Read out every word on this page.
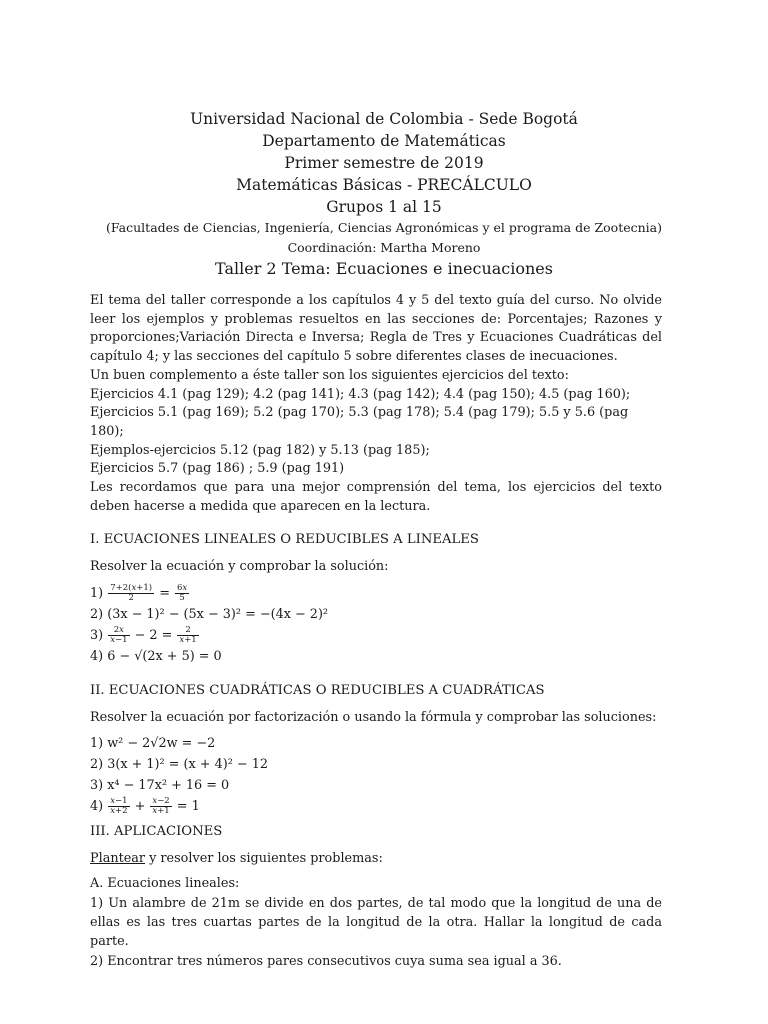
Universidad Nacional de Colombia - Sede Bogotá
Departamento de Matemáticas
Primer semestre de 2019
Matemáticas Básicas - PRECÁLCULO
Grupos 1 al 15
(Facultades de Ciencias, Ingeniería, Ciencias Agronómicas y el programa de Zootecnia)
Coordinación: Martha Moreno
Taller 2 Tema: Ecuaciones e inecuaciones

El tema del taller corresponde a los capítulos 4 y 5 del texto guía del curso. No olvide leer los ejemplos y problemas resueltos en las secciones de: Porcentajes; Razones y proporciones;Variación Directa e Inversa; Regla de Tres y Ecuaciones Cuadráticas del capítulo 4; y las secciones del capítulo 5 sobre diferentes clases de inecuaciones.

Un buen complemento a éste taller son los siguientes ejercicios del texto:

Ejercicios 4.1 (pag 129); 4.2 (pag 141); 4.3 (pag 142); 4.4 (pag 150); 4.5 (pag 160);

Ejercicios 5.1 (pag 169); 5.2 (pag 170); 5.3 (pag 178); 5.4 (pag 179); 5.5 y 5.6 (pag 180);

Ejemplos-ejercicios 5.12 (pag 182) y 5.13 (pag 185);

Ejercicios 5.7 (pag 186) ; 5.9 (pag 191)

Les recordamos que para una mejor comprensión del tema, los ejercicios del texto deben hacerse a medida que aparecen en la lectura.

I. ECUACIONES LINEALES O REDUCIBLES A LINEALES

Resolver la ecuación y comprobar la solución:

$1) \frac{7+2(x+1)}{2} = \frac{6x}{5}$
2) (3x − 1)² − (5x − 3)² = −(4x − 2)²
$3) \frac{2x}{x-1} - 2 = \frac{2}{x+1}$
4) 6 − √(2x + 5) = 0

II. ECUACIONES CUADRÁTICAS O REDUCIBLES A CUADRÁTICAS

Resolver la ecuación por factorización o usando la fórmula y comprobar las soluciones:

1) w² − 2√2w = −2
2) 3(x + 1)² = (x + 4)² − 12
3) x⁴ − 17x² + 16 = 0
$4) \frac{x-1}{x+2} + \frac{x-2}{x+1} = 1$

III. APLICACIONES

Plantear y resolver los siguientes problemas:

A. Ecuaciones lineales:

1) Un alambre de 21m se divide en dos partes, de tal modo que la longitud de una de ellas es las tres cuartas partes de la longitud de la otra. Hallar la longitud de cada parte.

2) Encontrar tres números pares consecutivos cuya suma sea igual a 36.
